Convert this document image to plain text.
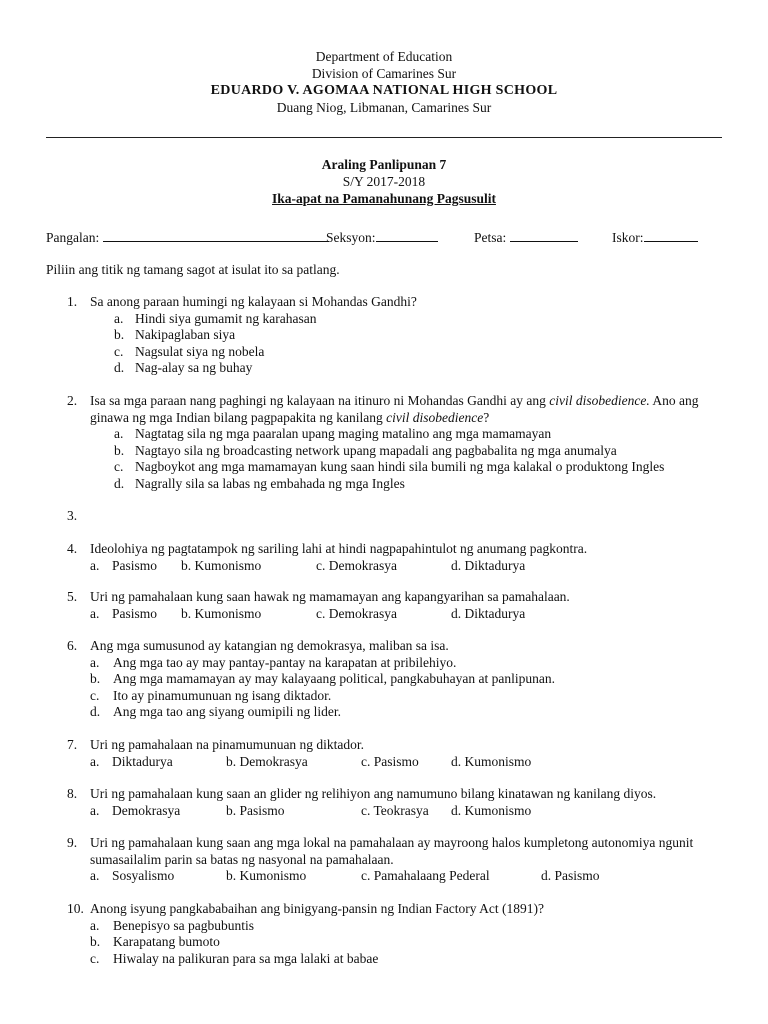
Department of Education
Division of Camarines Sur
EDUARDO V. AGOMAA NATIONAL HIGH SCHOOL
Duang Niog, Libmanan, Camarines Sur
Araling Panlipunan 7
S/Y 2017-2018
Ika-apat na Pamanahunang Pagsusulit
Pangalan:	Seksyon:	Petsa:	Iskor:
Piliin ang titik ng tamang sagot at isulat ito sa patlang.
1. Sa anong paraan humingi ng kalayaan si Mohandas Gandhi?
a. Hindi siya gumamit ng karahasan
b. Nakipaglaban siya
c. Nagsulat siya ng nobela
d. Nag-alay sa ng buhay
2. Isa sa mga paraan nang paghingi ng kalayaan na itinuro ni Mohandas Gandhi ay ang civil disobedience. Ano ang ginawa ng mga Indian bilang pagpapakita ng kanilang civil disobedience?
a. Nagtatag sila ng mga paaralan upang maging matalino ang mga mamamayan
b. Nagtayo sila ng broadcasting network upang mapadali ang pagbabalita ng mga anumalya
c. Nagboykot ang mga mamamayan kung saan hindi sila bumili ng mga kalakal o produktong Ingles
d. Nagrally sila sa labas ng embahada ng mga Ingles
3.

4. Ideolohiya ng pagtatampok ng sariling lahi at hindi nagpapahintulot ng anumang pagkontra.
a. Pasismo b. Kumonismo	c. Demokrasya	d. Diktadurya
5. Uri ng pamahalaan kung saan hawak ng mamamayan ang kapangyarihan sa pamahalaan.
a. Pasismo b. Kumonismo	c. Demokrasya	d. Diktadurya
6. Ang mga sumusunod ay katangian ng demokrasya, maliban sa isa.
a. Ang mga tao ay may pantay-pantay na karapatan at pribilehiyo.
b. Ang mga mamamayan ay may kalayaang political, pangkabuhayan at panlipunan.
c. Ito ay pinamumunuan ng isang diktador.
d. Ang mga tao ang siyang oumipili ng lider.
7. Uri ng pamahalaan na pinamumunuan ng diktador.
a. Diktadurya	b. Demokrasya	c. Pasismo d. Kumonismo
8. Uri ng pamahalaan kung saan an glider ng relihiyon ang namumuno bilang kinatawan ng kanilang diyos.
a. Demokrasya	b. Pasismo	c. Teokrasya d. Kumonismo
9. Uri ng pamahalaan kung saan ang mga lokal na pamahalaan ay mayroong halos kumpletong autonomiya ngunit sumasailalim parin sa batas ng nasyonal na pamahalaan.
a. Sosyalismo	b. Kumonismo	c. Pamahalaang Pederal	d. Pasismo
10. Anong isyung pangkababaihan ang binigyang-pansin ng Indian Factory Act (1891)?
a. Benepisyo sa pagbubuntis
b. Karapatang bumoto
c. Hiwalay na palikuran para sa mga lalaki at babae
